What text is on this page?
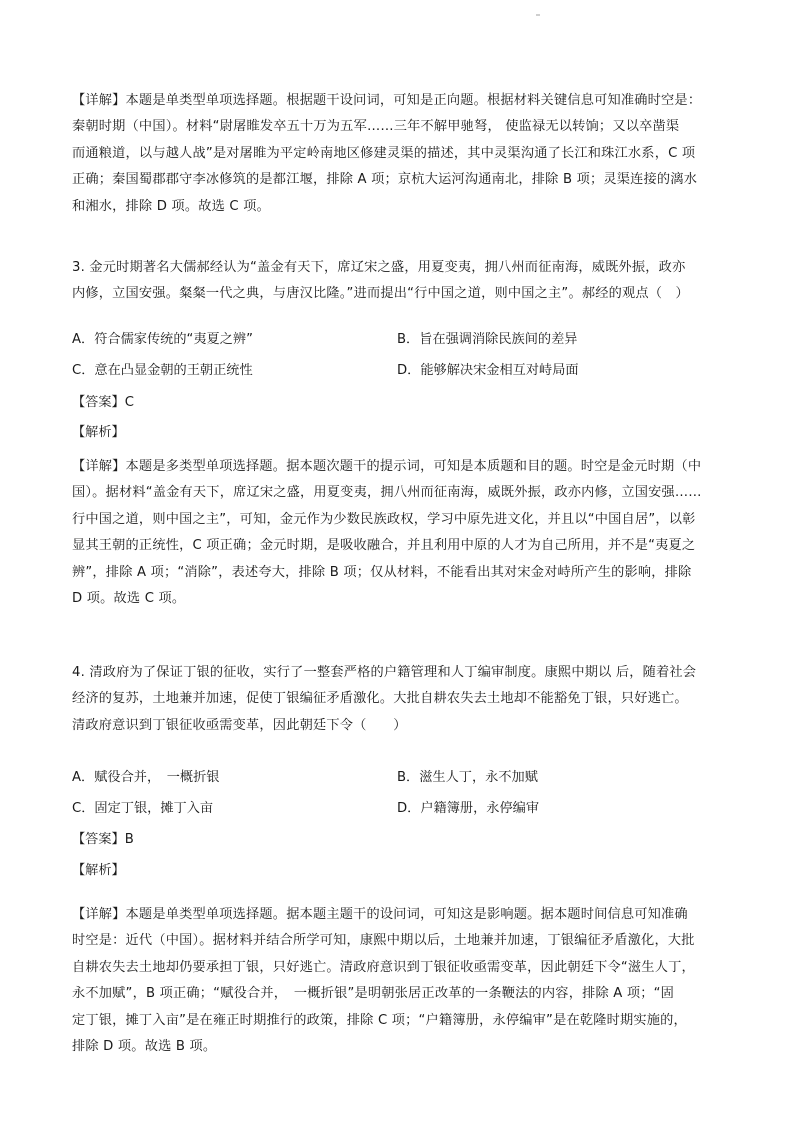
【详解】本题是单类型单项选择题。根据题干设问词，可知是正向题。根据材料关键信息可知准确时空是：
秦朝时期（中国）。材料“尉屠睢发卒五十万为五军……三年不解甲驰弩， 使监禄无以转饷；又以卒凿渠
而通粮道，以与越人战”是对屠睢为平定岭南地区修建灵渠的描述，其中灵渠沟通了长江和珠江水系，C 项
正确；秦国蜀郡郡守李冰修筑的是都江堰，排除 A 项；京杭大运河沟通南北，排除 B 项；灵渠连接的漓水
和湘水，排除 D 项。故选 C 项。
3. 金元时期著名大儒郝经认为“盖金有天下，席辽宋之盛，用夏变夷，拥八州而征南海，威既外振，政亦
内修，立国安强。粲粲一代之典，与唐汉比隆。”进而提出“行中国之道，则中国之主”。郝经的观点（　）
A．符合儒家传统的“夷夏之辨”	B．旨在强调消除民族间的差异
C．意在凸显金朝的王朝正统性	D．能够解决宋金相互对峙局面
【答案】C
【解析】
【详解】本题是多类型单项选择题。据本题次题干的提示词，可知是本质题和目的题。时空是金元时期（中
国）。据材料“盖金有天下，席辽宋之盛，用夏变夷，拥八州而征南海，威既外振，政亦内修，立国安强……
行中国之道，则中国之主”，可知，金元作为少数民族政权，学习中原先进文化，并且以“中国自居”，以彰
显其王朝的正统性，C 项正确；金元时期，是吸收融合，并且利用中原的人才为自己所用，并不是“夷夏之
辨”，排除 A 项；“消除”，表述夸大，排除 B 项；仅从材料，不能看出其对宋金对峙所产生的影响，排除
D 项。故选 C 项。
4. 清政府为了保证丁银的征收，实行了一整套严格的户籍管理和人丁编审制度。康熙中期以 后，随着社会
经济的复苏，土地兼并加速，促使丁银编征矛盾激化。大批自耕农失去土地却不能豁免丁银，只好逃亡。
清政府意识到丁银征收亟需变革，因此朝廷下令（　　）
A．赋役合并，　一概折银	B．滋生人丁，永不加赋
C．固定丁银，摊丁入亩	D．户籍簿册，永停编审
【答案】B
【解析】
【详解】本题是单类型单项选择题。据本题主题干的设问词，可知这是影响题。据本题时间信息可知准确
时空是：近代（中国）。据材料并结合所学可知，康熙中期以后，土地兼并加速，丁银编征矛盾激化，大批
自耕农失去土地却仍要承担丁银，只好逃亡。清政府意识到丁银征收亟需变革，因此朝廷下令“滋生人丁，
永不加赋”，B 项正确；“赋役合并，　一概折银”是明朝张居正改革的一条鞭法的内容，排除 A 项；“固
定丁银，摊丁入亩”是在雍正时期推行的政策，排除 C 项；“户籍簿册，永停编审”是在乾隆时期实施的，
排除 D 项。故选 B 项。
